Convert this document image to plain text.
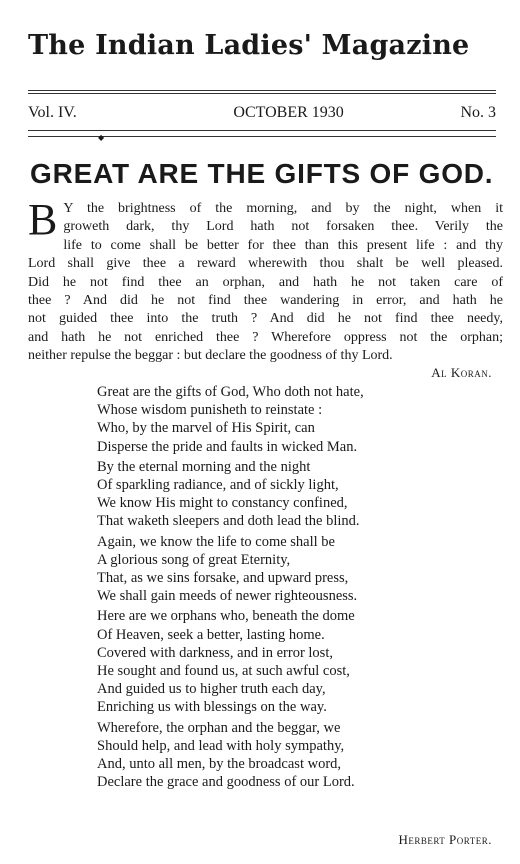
The Indian Ladies' Magazine
Vol. IV.	OCTOBER 1930	No. 3
◆
GREAT ARE THE GIFTS OF GOD.
B Y the brightness of the morning, and by the night, when it
groweth dark, thy Lord hath not forsaken thee. Verily the
life to come shall be better for thee than this present life : and thy
Lord shall give thee a reward wherewith thou shalt be well pleased.
Did he not find thee an orphan, and hath he not taken care of
thee ? And did he not find thee wandering in error, and hath he
not guided thee into the truth ? And did he not find thee needy,
and hath he not enriched thee ? Wherefore oppress not the orphan;
neither repulse the beggar : but declare the goodness of thy Lord.
Al Koran.
Great are the gifts of God, Who doth not hate,
Whose wisdom punisheth to reinstate :
Who, by the marvel of His Spirit, can
Disperse the pride and faults in wicked Man.
By the eternal morning and the night
Of sparkling radiance, and of sickly light,
We know His might to constancy confined,
That waketh sleepers and doth lead the blind.
Again, we know the life to come shall be
A glorious song of great Eternity,
That, as we sins forsake, and upward press,
We shall gain meeds of newer righteousness.
Here are we orphans who, beneath the dome
Of Heaven, seek a better, lasting home.
Covered with darkness, and in error lost,
He sought and found us, at such awful cost,
And guided us to higher truth each day,
Enriching us with blessings on the way.
Wherefore, the orphan and the beggar, we
Should help, and lead with holy sympathy,
And, unto all men, by the broadcast word,
Declare the grace and goodness of our Lord.
Herbert Porter.
